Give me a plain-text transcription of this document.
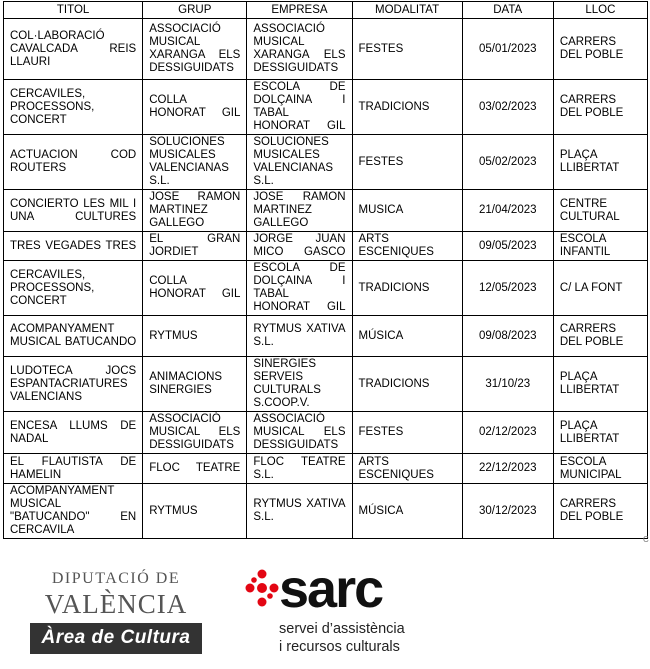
TITOL	GRUP	EMPRESA	MODALITAT	DATA	LLOC
COL·LABORACIÓ CAVALCADA REIS LLAURI	ASSOCIACIÓ MUSICAL XARANGA ELS DESSIGUIDATS	ASSOCIACIÓ MUSICAL XARANGA ELS DESSIGUIDATS	FESTES	05/01/2023	CARRERS DEL POBLE
CERCAVILES, PROCESSONS, CONCERT	COLLA HONORAT GIL	ESCOLA DE DOLÇAINA I TABAL HONORAT GIL	TRADICIONS	03/02/2023	CARRERS DEL POBLE
ACTUACION COD ROUTERS	SOLUCIONES MUSICALES VALENCIANAS S.L.	SOLUCIONES MUSICALES VALENCIANAS S.L.	FESTES	05/02/2023	PLAÇA LLIBERTAT
CONCIERTO LES MIL I UNA CULTURES	JOSE RAMON MARTINEZ GALLEGO	JOSE RAMON MARTINEZ GALLEGO	MUSICA	21/04/2023	CENTRE CULTURAL
TRES VEGADES TRES	EL GRAN JORDIET	JORGE JUAN MICO GASCO	ARTS ESCENIQUES	09/05/2023	ESCOLA INFANTIL
CERCAVILES, PROCESSONS, CONCERT	COLLA HONORAT GIL	ESCOLA DE DOLÇAINA I TABAL HONORAT GIL	TRADICIONS	12/05/2023	C/ LA FONT
ACOMPANYAMENT MUSICAL BATUCANDO	RYTMUS	RYTMUS XATIVA S.L.	MÚSICA	09/08/2023	CARRERS DEL POBLE
LUDOTECA JOCS ESPANTACRIATURES VALENCIANS	ANIMACIONS SINERGIES	SINERGIES SERVEIS CULTURALS S.COOP.V.	TRADICIONS	31/10/23	PLAÇA LLIBERTAT
ENCESA LLUMS DE NADAL	ASSOCIACIÓ MUSICAL ELS DESSIGUIDATS	ASSOCIACIÓ MUSICAL ELS DESSIGUIDATS	FESTES	02/12/2023	PLAÇA LLIBERTAT
EL FLAUTISTA DE HAMELIN	FLOC TEATRE	FLOC TEATRE S.L.	ARTS ESCENIQUES	22/12/2023	ESCOLA MUNICIPAL
ACOMPANYAMENT MUSICAL "BATUCANDO" EN CERCAVILA	RYTMUS	RYTMUS XATIVA S.L.	MÚSICA	30/12/2023	CARRERS DEL POBLE
C
DIPUTACIÓ DE
VALÈNCIA
Àrea de Cultura
sarc
servei d’assistència
i recursos culturals
